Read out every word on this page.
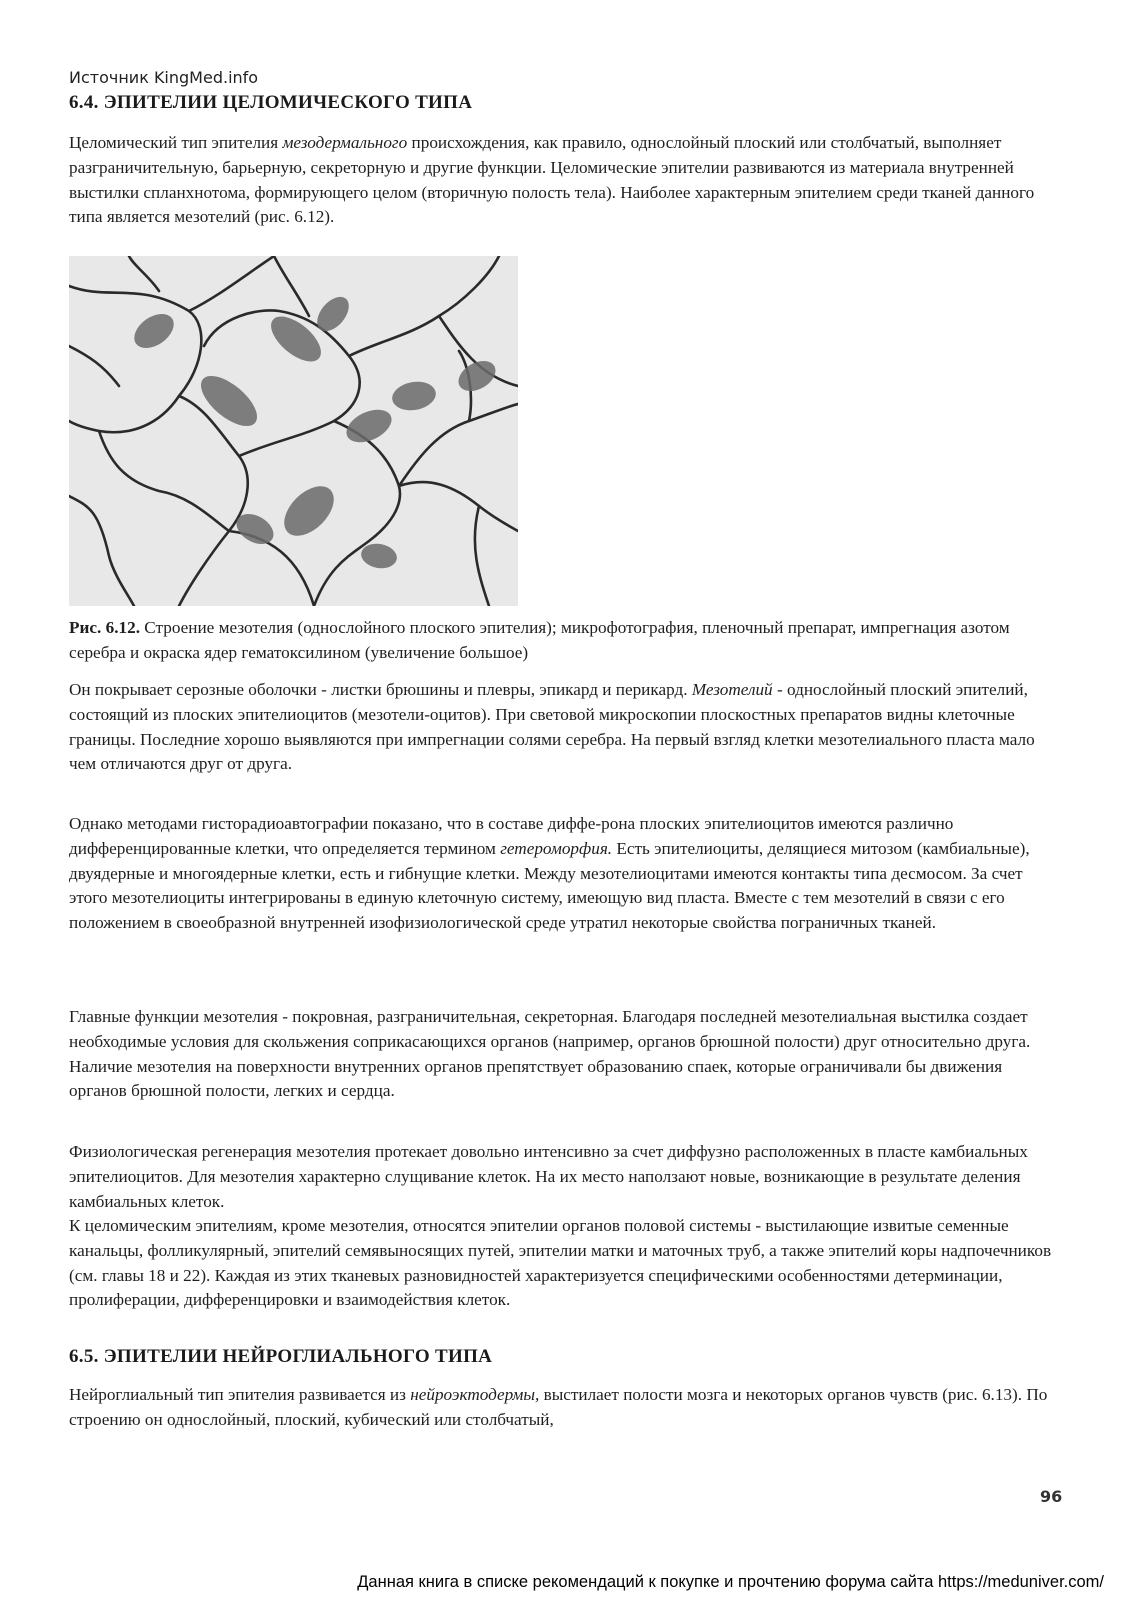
Источник KingMed.info
6.4. ЭПИТЕЛИИ ЦЕЛОМИЧЕСКОГО ТИПА

Целомический тип эпителия мезодермального происхождения, как правило, однослойный плоский или столбчатый, выполняет разграничительную, барьерную, секреторную и другие функции. Целомические эпителии развиваются из материала внутренней выстилки спланхнотома, формирующего целом (вторичную полость тела). Наиболее характерным эпителием среди тканей данного типа является мезотелий (рис. 6.12).

Рис. 6.12. Строение мезотелия (однослойного плоского эпителия); микрофотография, пленочный препарат, импрегнация азотом серебра и окраска ядер гематоксилином (увеличение большое)

Он покрывает серозные оболочки - листки брюшины и плевры, эпикард и перикард. Мезотелий - однослойный плоский эпителий, состоящий из плоских эпителиоцитов (мезотели-оцитов). При световой микроскопии плоскостных препаратов видны клеточные границы. Последние хорошо выявляются при импрегнации солями серебра. На первый взгляд клетки мезотелиального пласта мало чем отличаются друг от друга.

Однако методами гисторадиоавтографии показано, что в составе диффе-рона плоских эпителиоцитов имеются различно дифференцированные клетки, что определяется термином гетероморфия. Есть эпителиоциты, делящиеся митозом (камбиальные), двуядерные и многоядерные клетки, есть и гибнущие клетки. Между мезотелиоцитами имеются контакты типа десмосом. За счет этого мезотелиоциты интегрированы в единую клеточную систему, имеющую вид пласта. Вместе с тем мезотелий в связи с его положением в своеобразной внутренней изофизиологической среде утратил некоторые свойства пограничных тканей.

Главные функции мезотелия - покровная, разграничительная, секреторная. Благодаря последней мезотелиальная выстилка создает необходимые условия для скольжения соприкасающихся органов (например, органов брюшной полости) друг относительно друга. Наличие мезотелия на поверхности внутренних органов препятствует образованию спаек, которые ограничивали бы движения органов брюшной полости, легких и сердца.

Физиологическая регенерация мезотелия протекает довольно интенсивно за счет диффузно расположенных в пласте камбиальных эпителиоцитов. Для мезотелия характерно слущивание клеток. На их место наползают новые, возникающие в результате деления камбиальных клеток.

К целомическим эпителиям, кроме мезотелия, относятся эпителии органов половой системы - выстилающие извитые семенные канальцы, фолликулярный, эпителий семявыносящих путей, эпителии матки и маточных труб, а также эпителий коры надпочечников (см. главы 18 и 22). Каждая из этих тканевых разновидностей характеризуется специфическими особенностями детерминации, пролиферации, дифференцировки и взаимодействия клеток.

6.5. ЭПИТЕЛИИ НЕЙРОГЛИАЛЬНОГО ТИПА

Нейроглиальный тип эпителия развивается из нейроэктодермы, выстилает полости мозга и некоторых органов чувств (рис. 6.13). По строению он однослойный, плоский, кубический или столбчатый,

96
Данная книга в списке рекомендаций к покупке и прочтению форума сайта https://meduniver.com/
